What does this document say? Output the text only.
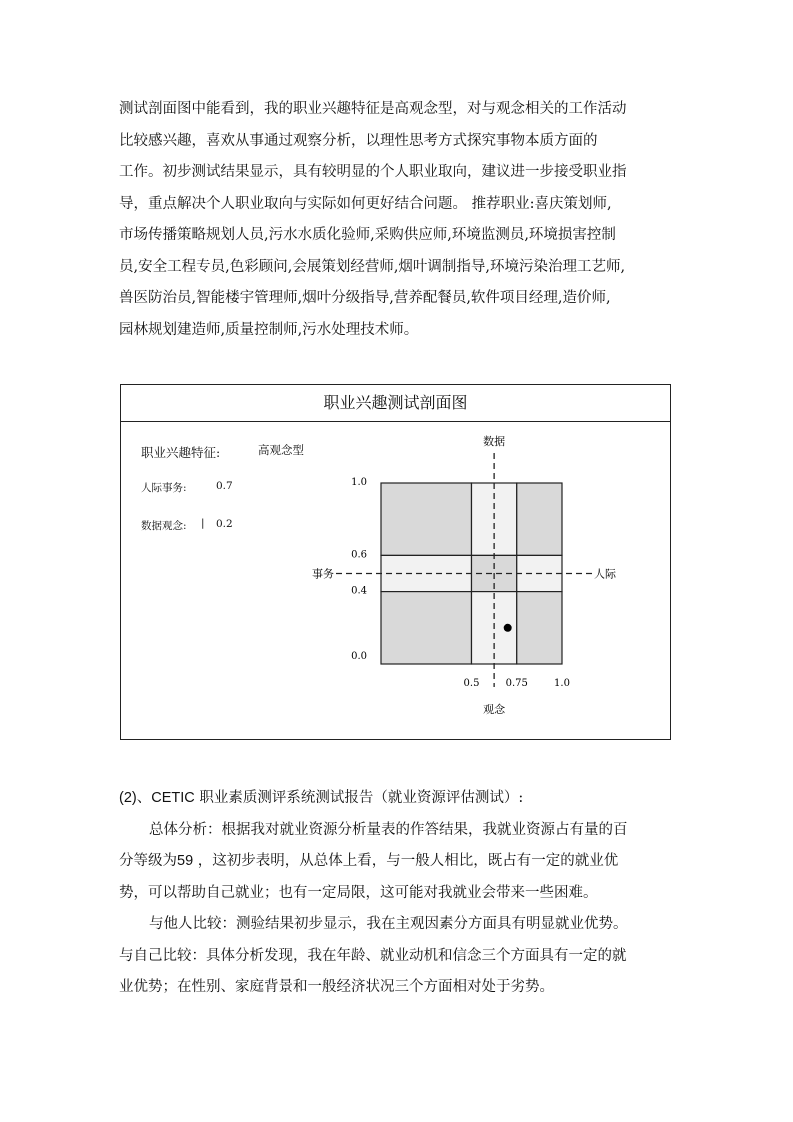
测试剖面图中能看到，我的职业兴趣特征是高观念型，对与观念相关的工作活动

比较感兴趣，喜欢从事通过观察分析，以理性思考方式探究事物本质方面的

工作。初步测试结果显示，具有较明显的个人职业取向，建议进一步接受职业指

导，重点解决个人职业取向与实际如何更好结合问题。 推荐职业:喜庆策划师,

市场传播策略规划人员,污水水质化验师,采购供应师,环境监测员,环境损害控制

员,安全工程专员,色彩顾问,会展策划经营师,烟叶调制指导,环境污染治理工艺师,

兽医防治员,智能楼宇管理师,烟叶分级指导,营养配餐员,软件项目经理,造价师,

园林规划建造师,质量控制师,污水处理技术师。

职业兴趣测试剖面图
职业兴趣特征:	高观念型
人际事务:	0.7
数据观念: | 0.2
数据
观念
事务	人际
0.0
0.4
0.6
1.0
0.5	0.75	1.0

(2)、CETIC 职业素质测评系统测试报告（就业资源评估测试）:

总体分析：根据我对就业资源分析量表的作答结果，我就业资源占有量的百

分等级为59 ，这初步表明，从总体上看，与一般人相比，既占有一定的就业优

势，可以帮助自己就业；也有一定局限，这可能对我就业会带来一些困难。

与他人比较：测验结果初步显示，我在主观因素分方面具有明显就业优势。

与自己比较：具体分析发现，我在年龄、就业动机和信念三个方面具有一定的就

业优势；在性别、家庭背景和一般经济状况三个方面相对处于劣势。
